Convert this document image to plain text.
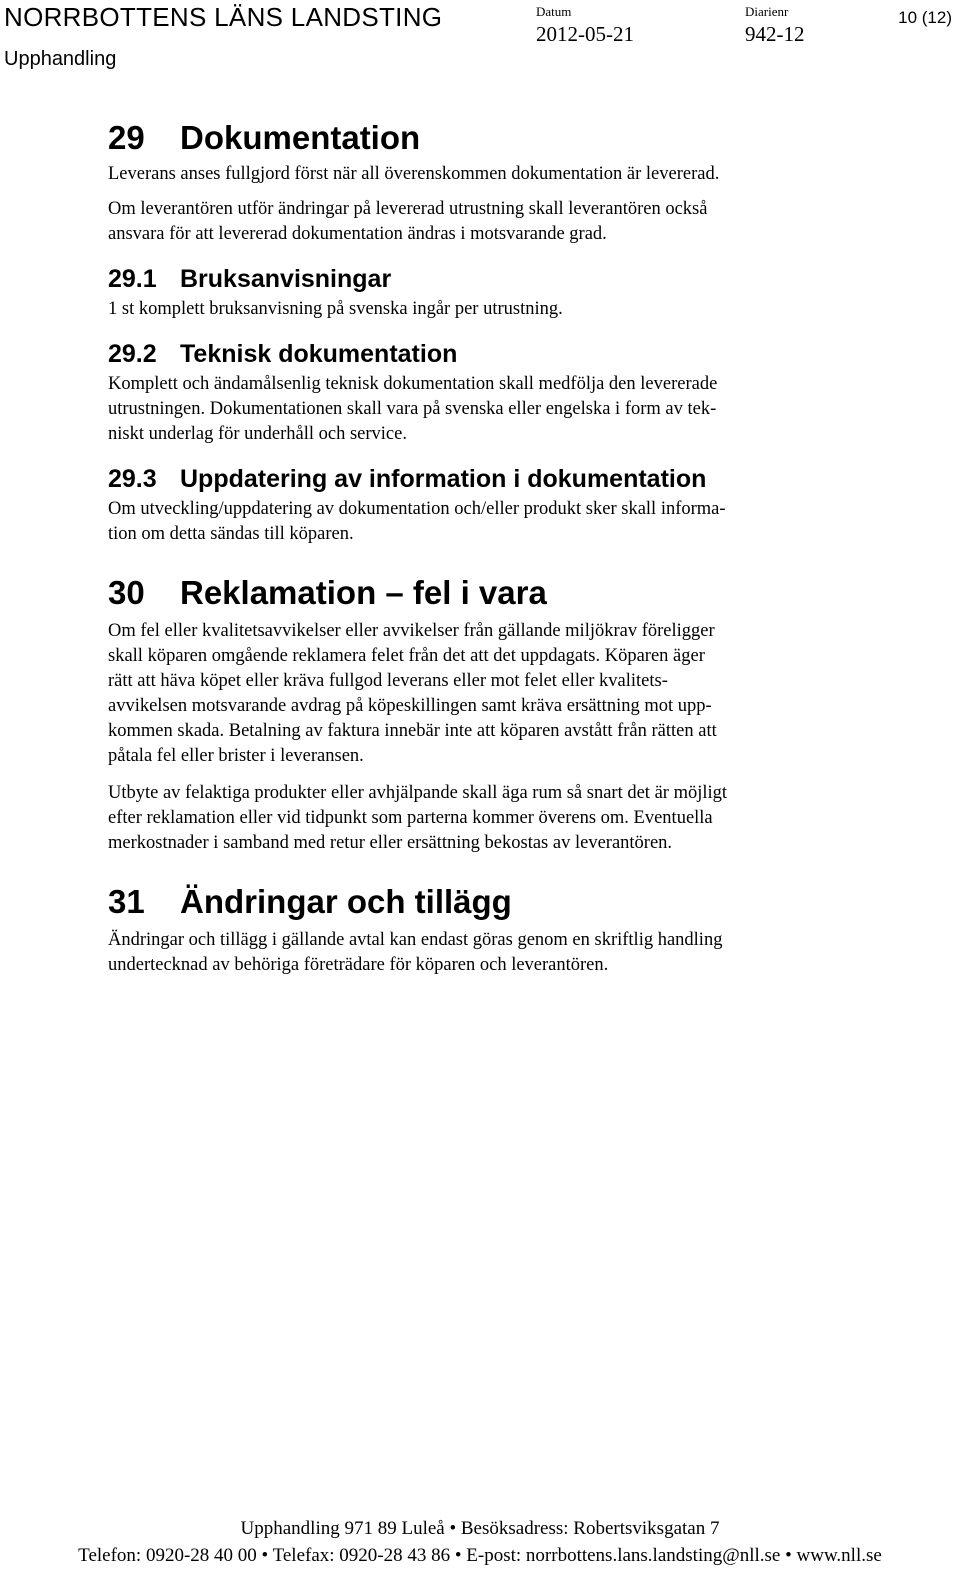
NORRBOTTENS LÄNS LANDSTING
Upphandling
Datum
2012-05-21
Diarienr
942-12
10 (12)
29 Dokumentation

Leverans anses fullgjord först när all överenskommen dokumentation är levererad.

Om leverantören utför ändringar på levererad utrustning skall leverantören också

ansvara för att levererad dokumentation ändras i motsvarande grad.

29.1 Bruksanvisningar

1 st komplett bruksanvisning på svenska ingår per utrustning.

29.2 Teknisk dokumentation

Komplett och ändamålsenlig teknisk dokumentation skall medfölja den levererade

utrustningen. Dokumentationen skall vara på svenska eller engelska i form av tek-

niskt underlag för underhåll och service.

29.3 Uppdatering av information i dokumentation

Om utveckling/uppdatering av dokumentation och/eller produkt sker skall informa-

tion om detta sändas till köparen.

30 Reklamation – fel i vara

Om fel eller kvalitetsavvikelser eller avvikelser från gällande miljökrav föreligger

skall köparen omgående reklamera felet från det att det uppdagats. Köparen äger

rätt att häva köpet eller kräva fullgod leverans eller mot felet eller kvalitets-

avvikelsen motsvarande avdrag på köpeskillingen samt kräva ersättning mot upp-

kommen skada. Betalning av faktura innebär inte att köparen avstått från rätten att

påtala fel eller brister i leveransen.

Utbyte av felaktiga produkter eller avhjälpande skall äga rum så snart det är möjligt

efter reklamation eller vid tidpunkt som parterna kommer överens om. Eventuella

merkostnader i samband med retur eller ersättning bekostas av leverantören.

31 Ändringar och tillägg

Ändringar och tillägg i gällande avtal kan endast göras genom en skriftlig handling

undertecknad av behöriga företrädare för köparen och leverantören.

Upphandling 971 89 Luleå • Besöksadress: Robertsviksgatan 7
Telefon: 0920-28 40 00 • Telefax: 0920-28 43 86 • E-post: norrbottens.lans.landsting@nll.se • www.nll.se
